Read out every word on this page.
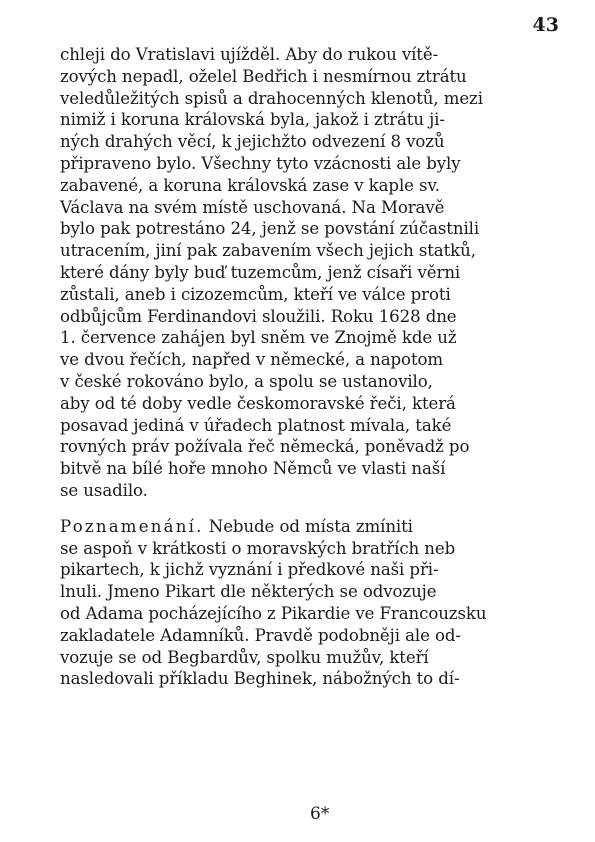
43
chleji do Vratislavi ujížděl. Aby do rukou vítě-
zových nepadl, oželel Bedřich i nesmírnou ztrátu
veledůležitých spisů a drahocenných klenotů, mezi
nimiž i koruna královská byla, jakož i ztrátu ji-
ných drahých věcí, k jejichžto odvezení 8 vozů
připraveno bylo. Všechny tyto vzácnosti ale byly
zabavené, a koruna královská zase v kaple sv.
Václava na svém místě uschovaná. Na Moravě
bylo pak potrestáno 24, jenž se povstání zúčastnili
utracením, jiní pak zabavením všech jejich statků,
které dány byly buď tuzemcům, jenž císaři věrni
zůstali, aneb i cizozemcům, kteří ve válce proti
odbůjcům Ferdinandovi sloužili. Roku 1628 dne
1. července zahájen byl sněm ve Znojmě kde už
ve dvou řečích, napřed v německé, a napotom
v české rokováno bylo, a spolu se ustanovilo,
aby od té doby vedle českomoravské řeči, která
posavad jediná v úřadech platnost mívala, také
rovných práv požívala řeč německá, poněvadž po
bitvě na bílé hoře mnoho Němců ve vlasti naší
se usadilo.
Poznamenání. Nebude od místa zmíniti
se aspoň v krátkosti o moravských bratřích neb
pikartech, k jichž vyznání i předkové naši při-
lnuli. Jmeno Pikart dle některých se odvozuje
od Adama pocházejícího z Pikardie ve Francouzsku
zakladatele Adamníků. Pravdě podobněji ale od-
vozuje se od Begbardův, spolku mužův, kteří
nasledovali příkladu Beghinek, nábožných to dí-
6*
